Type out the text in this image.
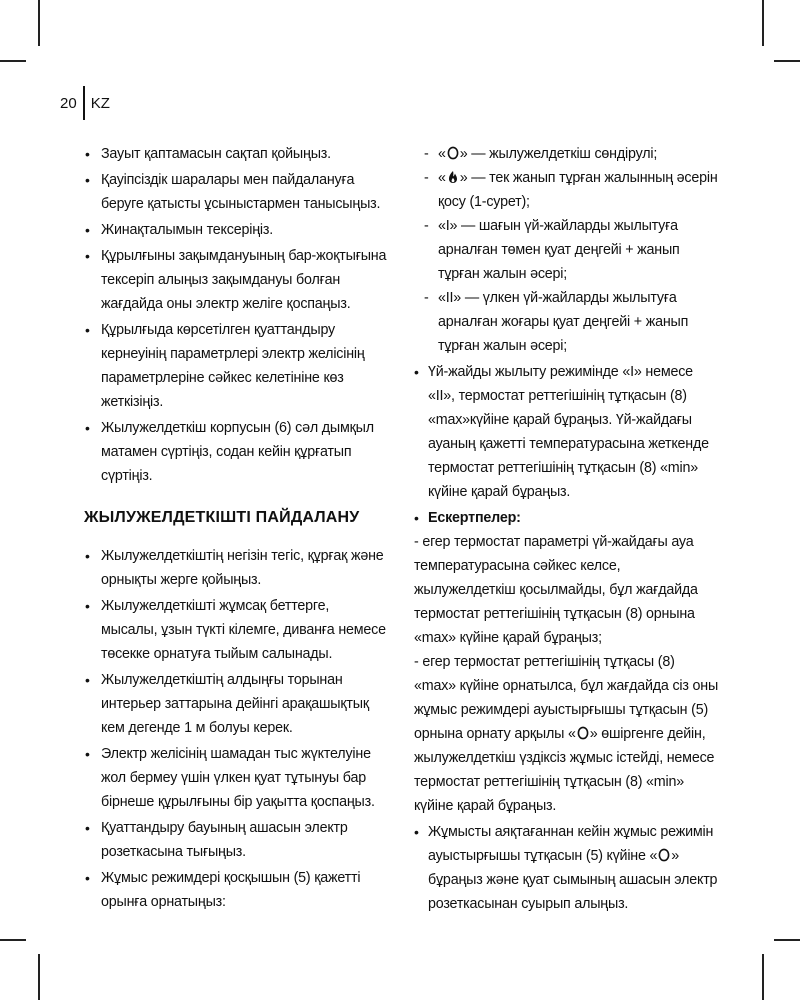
20 KZ
• Зауыт қаптамасын сақтап қойыңыз.
• Қауіпсіздік шаралары мен пайдалануға беруге қатысты ұсыныстармен танысыңыз.
• Жинақталымын тексеріңіз.
• Құрылғыны зақымдануының бар-жоқтығына тексеріп алыңыз зақымдануы болған жағдайда оны электр желіге қоспаңыз.
• Құрылғыда көрсетілген қуаттандыру кернеуінің параметрлері электр желісінің параметрлеріне сәйкес келетініне көз жеткізіңіз.
• Жылужелдеткіш корпусын (6) сәл дымқыл матамен сүртіңіз, содан кейін құрғатып сүртіңіз.
ЖЫЛУЖЕЛДЕТКІШТІ ПАЙДАЛАНУ
• Жылужелдеткіштің негізін тегіс, құрғақ және орнықты жерге қойыңыз.
• Жылужелдеткішті жұмсақ беттерге, мысалы, ұзын түкті кілемге, диванға немесе төсекке орнатуға тыйым салынады.
• Жылужелдеткіштің алдыңғы торынан интерьер заттарына дейінгі арақашықтық кем дегенде 1 м болуы керек.
• Электр желісінің шамадан тыс жүктелуіне жол бермеу үшін үлкен қуат тұтынуы бар бірнеше құрылғыны бір уақытта қоспаңыз.
• Қуаттандыру бауының ашасын электр розеткасына тығыңыз.
• Жұмыс режимдері қосқышын (5) қажетті орынға орнатыңыз:
- « » — жылужелдеткіш сөндірулі;
- « » — тек жанып тұрған жалынның әсерін қосу (1-сурет);
- «I» — шағын үй-жайларды жылытуға арналған төмен қуат деңгейі + жанып тұрған жалын әсері;
- «II» — үлкен үй-жайларды жылытуға арналған жоғары қуат деңгейі + жанып тұрған жалын әсері;
• Үй-жайды жылыту режимінде «I» немесе «II», термостат реттегішінің тұтқасын (8) «max»күйіне қарай бұраңыз. Үй-жайдағы ауаның қажетті температурасына жеткенде термостат реттегішінің тұтқасын (8) «min» күйіне қарай бұраңыз.

• Ескертпелер:

- егер термостат параметрі үй-жайдағы ауа температурасына сәйкес келсе, жылужелдеткіш қосылмайды, бұл жағдайда термостат реттегішінің тұтқасын (8) орнына «max» күйіне қарай бұраңыз;

- егер термостат реттегішінің тұтқасы (8) «max» күйіне орнатылса, бұл жағдайда сіз оны жұмыс режимдері ауыстырғышы тұтқасын (5) орнына орнату арқылы « » өшіргенге дейін, жылужелдеткіш үздіксіз жұмыс істейді, немесе термостат реттегішінің тұтқасын (8) «min» күйіне қарай бұраңыз.

• Жұмысты аяқтағаннан кейін жұмыс режимін ауыстырғышы тұтқасын (5) күйіне « » бұраңыз және қуат сымының ашасын электр розеткасынан суырып алыңыз.
